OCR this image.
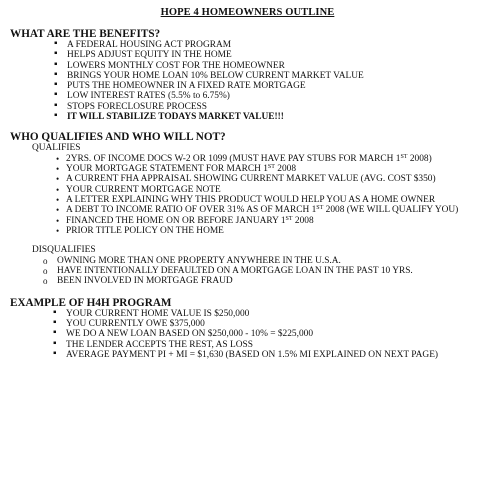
HOPE 4 HOMEOWNERS OUTLINE
WHAT ARE THE BENEFITS?
▪ A FEDERAL HOUSING ACT PROGRAM
▪ HELPS ADJUST EQUITY IN THE HOME
▪ LOWERS MONTHLY COST FOR THE HOMEOWNER
▪ BRINGS YOUR HOME LOAN 10% BELOW CURRENT MARKET VALUE
▪ PUTS THE HOMEOWNER IN A FIXED RATE MORTGAGE
▪ LOW INTEREST RATES (5.5% to 6.75%)
▪ STOPS FORECLOSURE PROCESS
▪ IT WILL STABILIZE TODAYS MARKET VALUE!!!
WHO QUALIFIES AND WHO WILL NOT?
QUALIFIES
• 2YRS. OF INCOME DOCS W-2 OR 1099 (MUST HAVE PAY STUBS FOR MARCH 1ST 2008)
• YOUR MORTGAGE STATEMENT FOR MARCH 1ST 2008
• A CURRENT FHA APPRAISAL SHOWING CURRENT MARKET VALUE (AVG. COST $350)
• YOUR CURRENT MORTGAGE NOTE
• A LETTER EXPLAINING WHY THIS PRODUCT WOULD HELP YOU AS A HOME OWNER
• A DEBT TO INCOME RATIO OF OVER 31% AS OF MARCH 1ST 2008 (WE WILL QUALIFY YOU)
• FINANCED THE HOME ON OR BEFORE JANUARY 1ST 2008
• PRIOR TITLE POLICY ON THE HOME
DISQUALIFIES
o OWNING MORE THAN ONE PROPERTY ANYWHERE IN THE U.S.A.
o HAVE INTENTIONALLY DEFAULTED ON A MORTGAGE LOAN IN THE PAST 10 YRS.
o BEEN INVOLVED IN MORTGAGE FRAUD
EXAMPLE OF H4H PROGRAM
▪ YOUR CURRENT HOME VALUE IS $250,000
▪ YOU CURRENTLY OWE $375,000
▪ WE DO A NEW LOAN BASED ON $250,000 - 10% = $225,000
▪ THE LENDER ACCEPTS THE REST, AS LOSS
▪ AVERAGE PAYMENT PI + MI = $1,630 (BASED ON 1.5% MI EXPLAINED ON NEXT PAGE)
